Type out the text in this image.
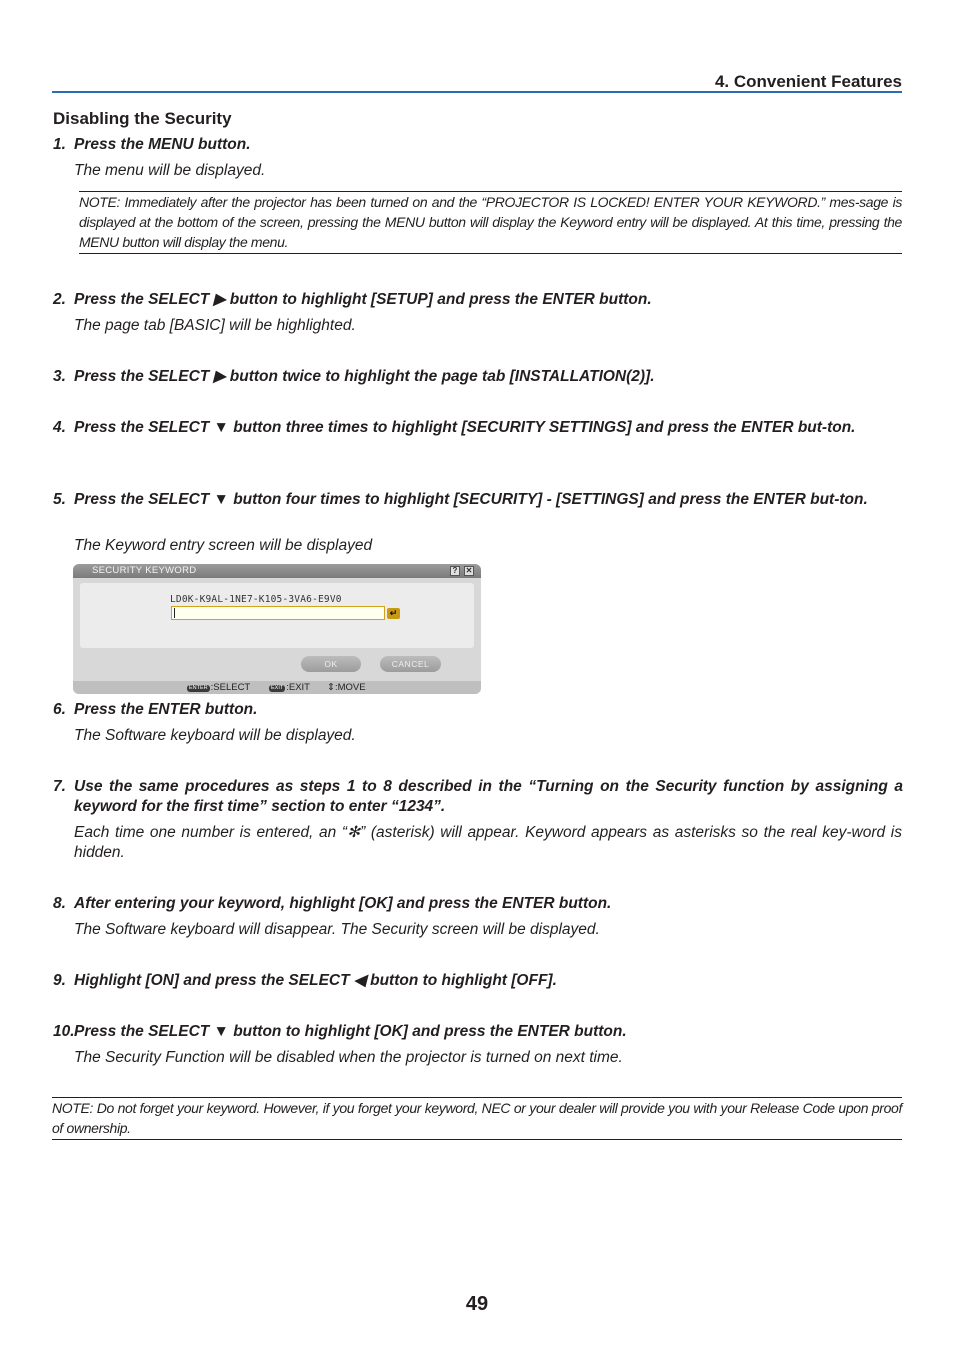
4. Convenient Features
Disabling the Security
1. Press the MENU button.
The menu will be displayed.
NOTE: Immediately after the projector has been turned on and the “PROJECTOR IS LOCKED! ENTER YOUR KEYWORD.” mes-sage is displayed at the bottom of the screen, pressing the MENU button will display the Keyword entry will be displayed. At this time, pressing the MENU button will display the menu.
2. Press the SELECT ▶ button to highlight [SETUP] and press the ENTER button.
The page tab [BASIC] will be highlighted.
3. Press the SELECT ▶ button twice to highlight the page tab [INSTALLATION(2)].
4. Press the SELECT ▼ button three times to highlight [SECURITY SETTINGS] and press the ENTER but-ton.
5. Press the SELECT ▼ button four times to highlight [SECURITY] - [SETTINGS] and press the ENTER but-ton.
The Keyword entry screen will be displayed
SECURITY KEYWORD	?	✕
LD0K-K9AL-1NE7-K105-3VA6-E9V0
↵
OK	CANCEL
ENTER :SELECT	EXIT :EXIT ⇕:MOVE
6. Press the ENTER button.
The Software keyboard will be displayed.
7. Use the same procedures as steps 1 to 8 described in the “Turning on the Security function by assigning a keyword for the first time” section to enter “1234”.
Each time one number is entered, an “✻” (asterisk) will appear. Keyword appears as asterisks so the real key-word is hidden.
8. After entering your keyword, highlight [OK] and press the ENTER button.
The Software keyboard will disappear. The Security screen will be displayed.
9. Highlight [ON] and press the SELECT ◀ button to highlight [OFF].
10. Press the SELECT ▼ button to highlight [OK] and press the ENTER button.
The Security Function will be disabled when the projector is turned on next time.
NOTE: Do not forget your keyword. However, if you forget your keyword, NEC or your dealer will provide you with your Release Code upon proof of ownership.
49
